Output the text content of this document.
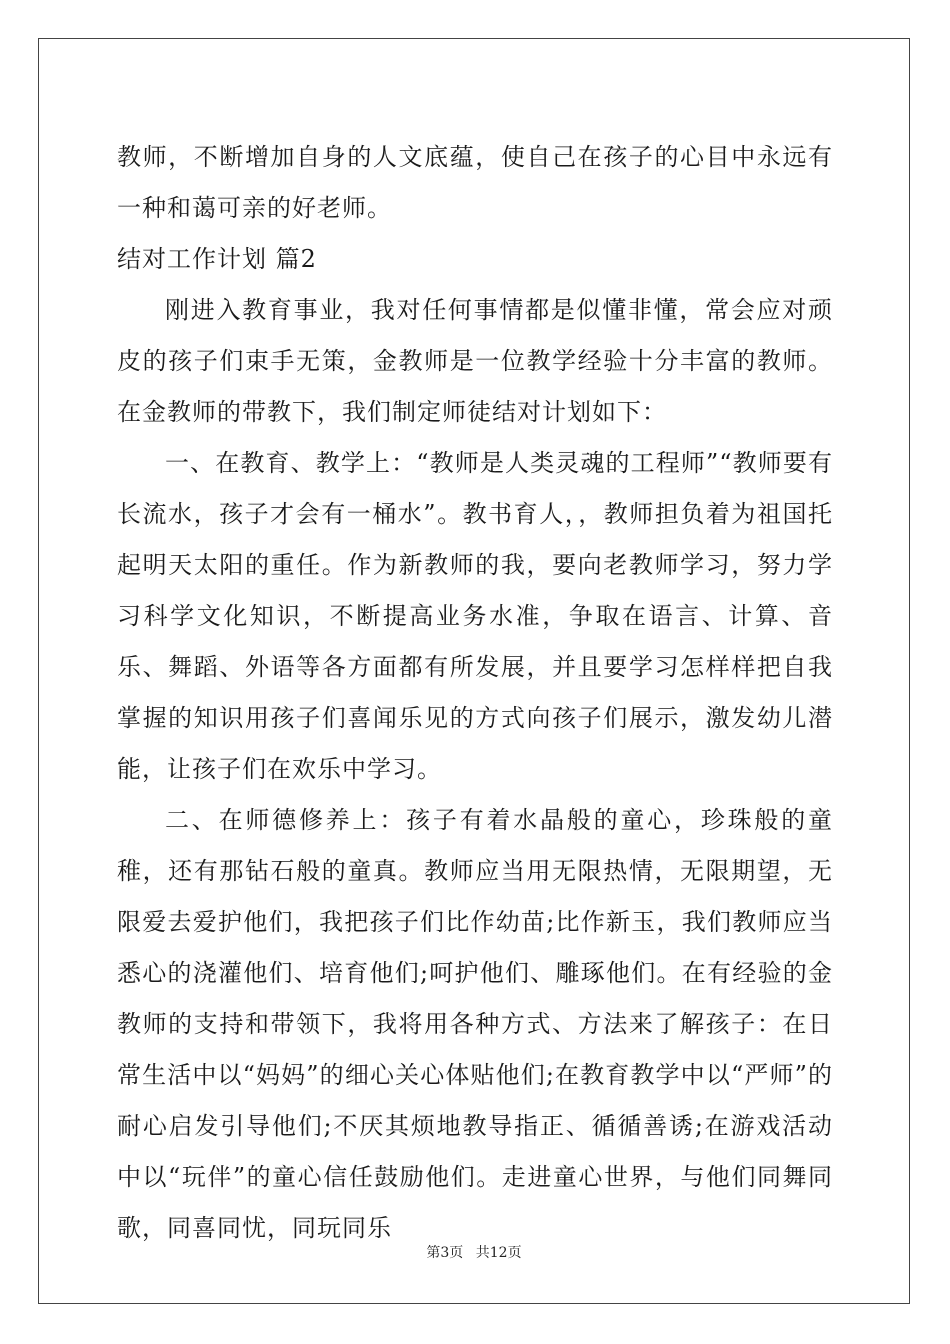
教师，不断增加自身的人文底蕴，使自己在孩子的心目中永远有一种和蔼可亲的好老师。

结对工作计划 篇2

刚进入教育事业，我对任何事情都是似懂非懂，常会应对顽皮的孩子们束手无策，金教师是一位教学经验十分丰富的教师。在金教师的带教下，我们制定师徒结对计划如下：

一、在教育、教学上：“教师是人类灵魂的工程师”“教师要有长流水，孩子才会有一桶水”。教书育人，，教师担负着为祖国托起明天太阳的重任。作为新教师的我，要向老教师学习，努力学习科学文化知识，不断提高业务水准，争取在语言、计算、音乐、舞蹈、外语等各方面都有所发展，并且要学习怎样样把自我掌握的知识用孩子们喜闻乐见的方式向孩子们展示，激发幼儿潜能，让孩子们在欢乐中学习。

二、在师德修养上：孩子有着水晶般的童心，珍珠般的童稚，还有那钻石般的童真。教师应当用无限热情，无限期望，无限爱去爱护他们，我把孩子们比作幼苗;比作新玉，我们教师应当悉心的浇灌他们、培育他们;呵护他们、雕琢他们。在有经验的金教师的支持和带领下，我将用各种方式、方法来了解孩子：在日常生活中以“妈妈”的细心关心体贴他们;在教育教学中以“严师”的耐心启发引导他们;不厌其烦地教导指正、循循善诱;在游戏活动中以“玩伴”的童心信任鼓励他们。走进童心世界，与他们同舞同歌，同喜同忧，同玩同乐

第3页 共12页
